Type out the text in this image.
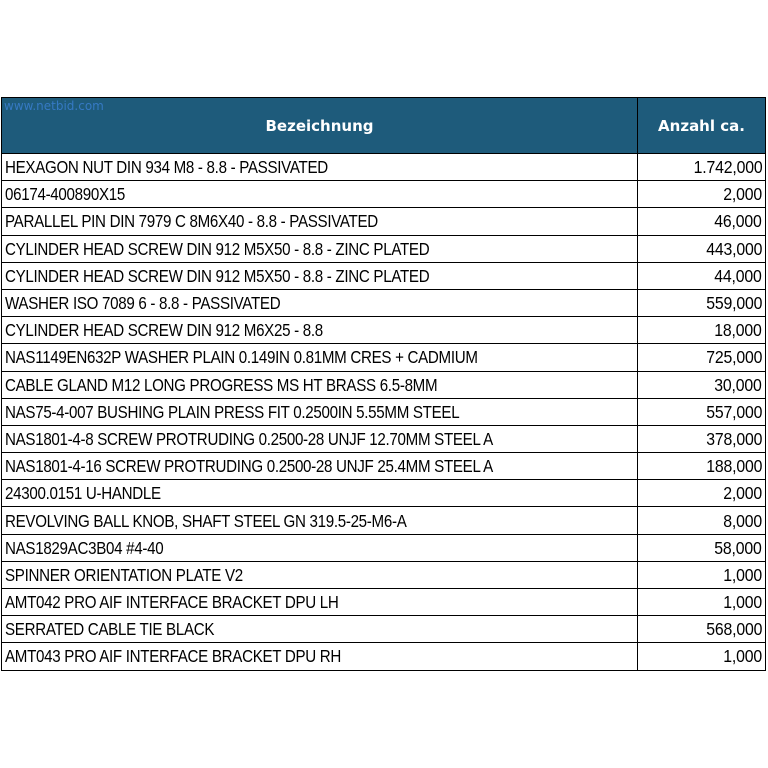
www.netbid.com
Bezeichnung	Anzahl ca.
HEXAGON NUT DIN 934 M8 - 8.8 - PASSIVATED	1.742,000
06174-400890X15	2,000
PARALLEL PIN DIN 7979 C 8M6X40 - 8.8 - PASSIVATED	46,000
CYLINDER HEAD SCREW DIN 912 M5X50 - 8.8 - ZINC PLATED	443,000
CYLINDER HEAD SCREW DIN 912 M5X50 - 8.8 - ZINC PLATED	44,000
WASHER ISO 7089 6 - 8.8 - PASSIVATED	559,000
CYLINDER HEAD SCREW DIN 912 M6X25 - 8.8	18,000
NAS1149EN632P WASHER PLAIN 0.149IN 0.81MM CRES + CADMIUM	725,000
CABLE GLAND M12 LONG PROGRESS MS HT BRASS 6.5-8MM	30,000
NAS75-4-007 BUSHING PLAIN PRESS FIT 0.2500IN 5.55MM STEEL	557,000
NAS1801-4-8 SCREW PROTRUDING 0.2500-28 UNJF 12.70MM STEEL A	378,000
NAS1801-4-16 SCREW PROTRUDING 0.2500-28 UNJF 25.4MM STEEL A	188,000
24300.0151 U-HANDLE	2,000
REVOLVING BALL KNOB, SHAFT STEEL GN 319.5-25-M6-A	8,000
NAS1829AC3B04 #4-40	58,000
SPINNER ORIENTATION PLATE V2	1,000
AMT042 PRO AIF INTERFACE BRACKET DPU LH	1,000
SERRATED CABLE TIE BLACK	568,000
AMT043 PRO AIF INTERFACE BRACKET DPU RH	1,000
